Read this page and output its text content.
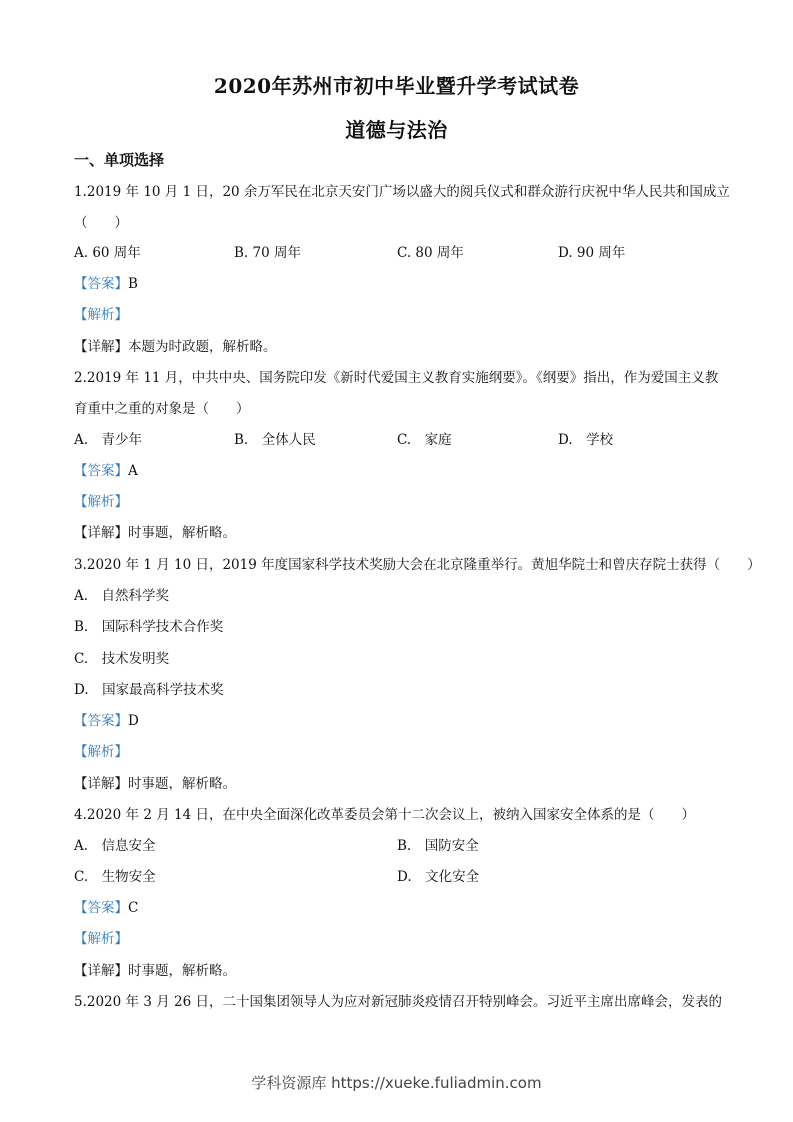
2020年苏州市初中毕业暨升学考试试卷
道德与法治
一、单项选择
1.2019 年 10 月 1 日，20 余万军民在北京天安门广场以盛大的阅兵仪式和群众游行庆祝中华人民共和国成立
（　　）
A. 60 周年	B. 70 周年	C. 80 周年	D. 90 周年
【答案】B
【解析】
【详解】本题为时政题，解析略。
2.2019 年 11 月，中共中央、国务院印发《新时代爱国主义教育实施纲要》。《纲要》指出，作为爱国主义教
育重中之重的对象是（　　）
A.　青少年	B.　全体人民	C.　家庭	D.　学校
【答案】A
【解析】
【详解】时事题，解析略。
3.2020 年 1 月 10 日，2019 年度国家科学技术奖励大会在北京隆重举行。黄旭华院士和曾庆存院士获得（　　）
A.　自然科学奖
B.　国际科学技术合作奖
C.　技术发明奖
D.　国家最高科学技术奖
【答案】D
【解析】
【详解】时事题，解析略。
4.2020 年 2 月 14 日，在中央全面深化改革委员会第十二次会议上，被纳入国家安全体系的是（　　）
A.　信息安全	B.　国防安全
C.　生物安全	D.　文化安全
【答案】C
【解析】
【详解】时事题，解析略。
5.2020 年 3 月 26 日，二十国集团领导人为应对新冠肺炎疫情召开特别峰会。习近平主席出席峰会，发表的
学科资源库 https://xueke.fuliadmin.com
